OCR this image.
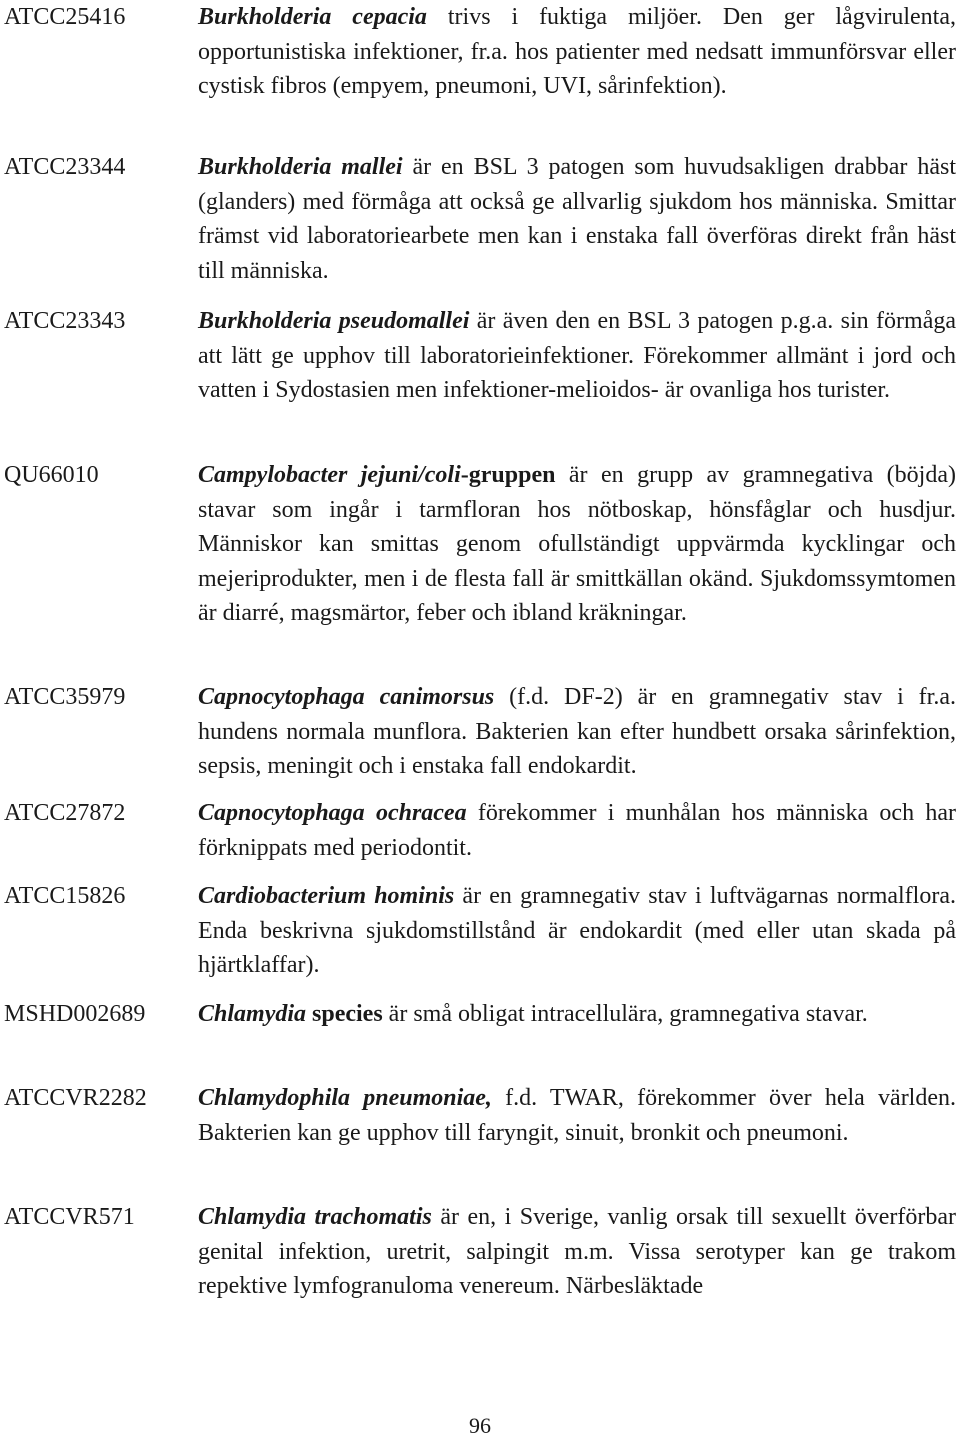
ATCC25416	Burkholderia cepacia trivs i fuktiga miljöer. Den ger lågvirulenta, opportunistiska infektioner, fr.a. hos patienter med nedsatt immunförsvar eller cystisk fibros (empyem, pneumoni, UVI, sårinfektion).
ATCC23344	Burkholderia mallei är en BSL 3 patogen som huvudsakligen drabbar häst (glanders) med förmåga att också ge allvarlig sjukdom hos människa. Smittar främst vid laboratoriearbete men kan i enstaka fall överföras direkt från häst till människa.
ATCC23343	Burkholderia pseudomallei är även den en BSL 3 patogen p.g.a. sin förmåga att lätt ge upphov till laboratorieinfektioner. Förekommer allmänt i jord och vatten i Sydostasien men infektioner-melioidos- är ovanliga hos turister.
QU66010	Campylobacter jejuni/coli-gruppen är en grupp av gramnegativa (böjda) stavar som ingår i tarmfloran hos nötboskap, hönsfåglar och husdjur. Människor kan smittas genom ofullständigt uppvärmda kycklingar och mejeriprodukter, men i de flesta fall är smittkällan okänd. Sjukdomssymtomen är diarré, magsmärtor, feber och ibland kräkningar.
ATCC35979	Capnocytophaga canimorsus (f.d. DF-2) är en gramnegativ stav i fr.a. hundens normala munflora. Bakterien kan efter hundbett orsaka sårinfektion, sepsis, meningit och i enstaka fall endokardit.
ATCC27872	Capnocytophaga ochracea förekommer i munhålan hos människa och har förknippats med periodontit.
ATCC15826	Cardiobacterium hominis är en gramnegativ stav i luftvägarnas normalflora. Enda beskrivna sjukdomstillstånd är endokardit (med eller utan skada på hjärtklaffar).
MSHD002689 Chlamydia species är små obligat intracellulära, gramnegativa stavar.
ATCCVR2282 Chlamydophila pneumoniae, f.d. TWAR, förekommer över hela världen. Bakterien kan ge upphov till faryngit, sinuit, bronkit och pneumoni.
ATCCVR571	Chlamydia trachomatis är en, i Sverige, vanlig orsak till sexuellt överförbar genital infektion, uretrit, salpingit m.m. Vissa serotyper kan ge trakom repektive lymfogranuloma venereum. Närbesläktade
96
